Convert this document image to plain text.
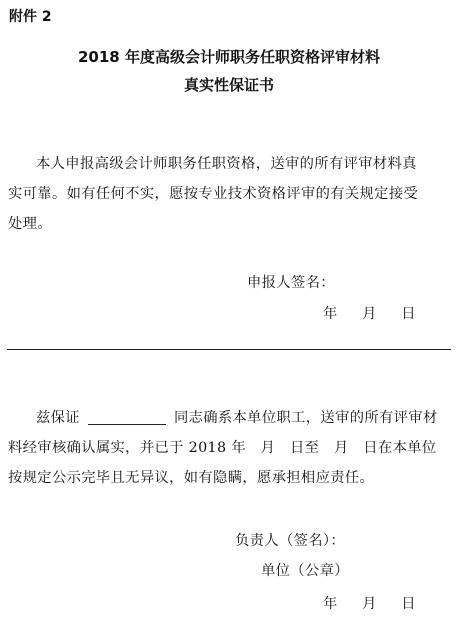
附件 2
2018 年度高级会计师职务任职资格评审材料
真实性保证书
本人申报高级会计师职务任职资格，送审的所有评审材料真
实可靠。如有任何不实，愿按专业技术资格评审的有关规定接受
处理。
申报人签名：
年     月     日
兹保证	同志确系本单位职工，送审的所有评审材
料经审核确认属实，并已于 2018 年   月   日至   月   日在本单位
按规定公示完毕且无异议，如有隐瞒，愿承担相应责任。
负责人（签名）：
单位（公章）
年     月     日
